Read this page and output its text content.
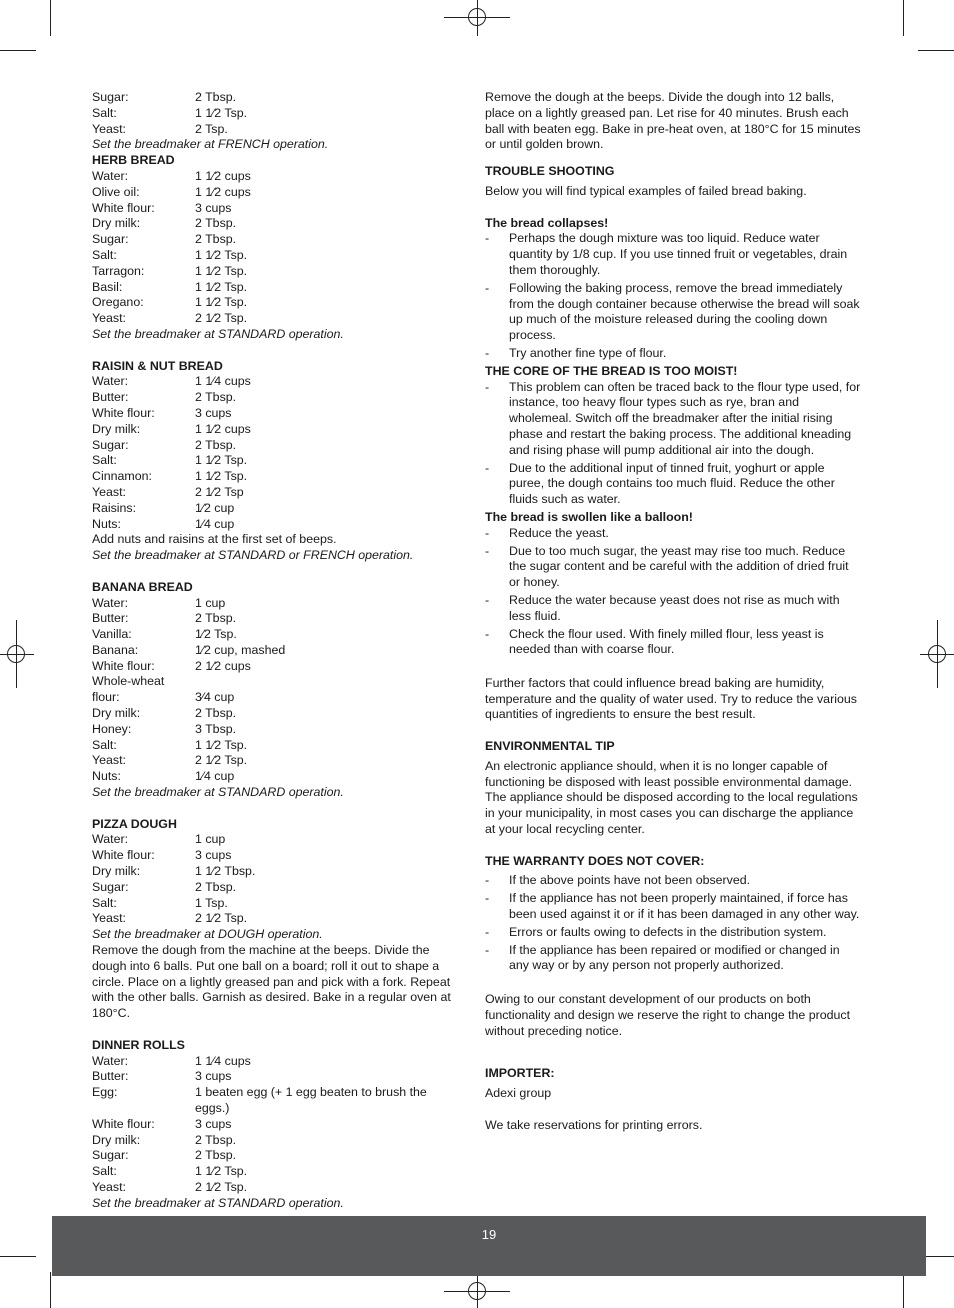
Sugar:	2 Tbsp.
Salt:	1 1⁄2 Tsp.
Yeast:	2 Tsp.
Set the breadmaker at FRENCH operation.
HERB BREAD
Water:	1 1⁄2 cups
Olive oil:	1 1⁄2 cups
White flour:	3 cups
Dry milk:	2 Tbsp.
Sugar:	2 Tbsp.
Salt:	1 1⁄2 Tsp.
Tarragon:	1 1⁄2 Tsp.
Basil:	1 1⁄2 Tsp.
Oregano:	1 1⁄2 Tsp.
Yeast:	2 1⁄2 Tsp.
Set the breadmaker at STANDARD operation.
RAISIN & NUT BREAD
Water:	1 1⁄4 cups
Butter:	2 Tbsp.
White flour:	3 cups
Dry milk:	1 1⁄2 cups
Sugar:	2 Tbsp.
Salt:	1 1⁄2 Tsp.
Cinnamon:	1 1⁄2 Tsp.
Yeast:	2 1⁄2 Tsp
Raisins:	1⁄2 cup
Nuts:	1⁄4 cup
Add nuts and raisins at the first set of beeps.
Set the breadmaker at STANDARD or FRENCH operation.
BANANA BREAD
Water:	1 cup
Butter:	2 Tbsp.
Vanilla:	1⁄2 Tsp.
Banana:	1⁄2 cup, mashed
White flour:	2 1⁄2 cups
Whole-wheat
flour:	3⁄4 cup
Dry milk:	2 Tbsp.
Honey:	3 Tbsp.
Salt:	1 1⁄2 Tsp.
Yeast:	2 1⁄2 Tsp.
Nuts:	1⁄4 cup
Set the breadmaker at STANDARD operation.
PIZZA DOUGH
Water:	1 cup
White flour:	3 cups
Dry milk:	1 1⁄2 Tbsp.
Sugar:	2 Tbsp.
Salt:	1 Tsp.
Yeast:	2 1⁄2 Tsp.
Set the breadmaker at DOUGH operation.
Remove the dough from the machine at the beeps. Divide the dough into 6 balls. Put one ball on a board; roll it out to shape a circle. Place on a lightly greased pan and pick with a fork. Repeat with the other balls. Garnish as desired. Bake in a regular oven at 180°C.
DINNER ROLLS
Water:	1 1⁄4 cups
Butter:	3 cups
Egg:	1 beaten egg (+ 1 egg beaten to brush the eggs.)
White flour:	3 cups
Dry milk:	2 Tbsp.
Sugar:	2 Tbsp.
Salt:	1 1⁄2 Tsp.
Yeast:	2 1⁄2 Tsp.
Set the breadmaker at STANDARD operation.
Remove the dough at the beeps. Divide the dough into 12 balls, place on a lightly greased pan. Let rise for 40 minutes. Brush each ball with beaten egg. Bake in pre-heat oven, at 180°C for 15 minutes or until golden brown.
TROUBLE SHOOTING
Below you will find typical examples of failed bread baking.
The bread collapses!
-	Perhaps the dough mixture was too liquid. Reduce water quantity by 1/8 cup. If you use tinned fruit or vegetables, drain them thoroughly.
-	Following the baking process, remove the bread immediately from the dough container because otherwise the bread will soak up much of the moisture released during the cooling down process.
-	Try another fine type of flour.
THE CORE OF THE BREAD IS TOO MOIST!
-	This problem can often be traced back to the flour type used, for instance, too heavy flour types such as rye, bran and wholemeal. Switch off the breadmaker after the initial rising phase and restart the baking process. The additional kneading and rising phase will pump additional air into the dough.
-	Due to the additional input of tinned fruit, yoghurt or apple puree, the dough contains too much fluid. Reduce the other fluids such as water.
The bread is swollen like a balloon!
-	Reduce the yeast.
-	Due to too much sugar, the yeast may rise too much. Reduce the sugar content and be careful with the addition of dried fruit or honey.
-	Reduce the water because yeast does not rise as much with less fluid.
-	Check the flour used. With finely milled flour, less yeast is needed than with coarse flour.
Further factors that could influence bread baking are humidity, temperature and the quality of water used. Try to reduce the various quantities of ingredients to ensure the best result.
ENVIRONMENTAL TIP
An electronic appliance should, when it is no longer capable of functioning be disposed with least possible environmental damage. The appliance should be disposed according to the local regulations in your municipality, in most cases you can discharge the appliance at your local recycling center.
THE WARRANTY DOES NOT COVER:
-	If the above points have not been observed.
-	If the appliance has not been properly maintained, if force has been used against it or if it has been damaged in any other way.
-	Errors or faults owing to defects in the distribution system.
-	If the appliance has been repaired or modified or changed in any way or by any person not properly authorized.
Owing to our constant development of our products on both functionality and design we reserve the right to change the product without preceding notice.
IMPORTER:
Adexi group
We take reservations for printing errors.
19
